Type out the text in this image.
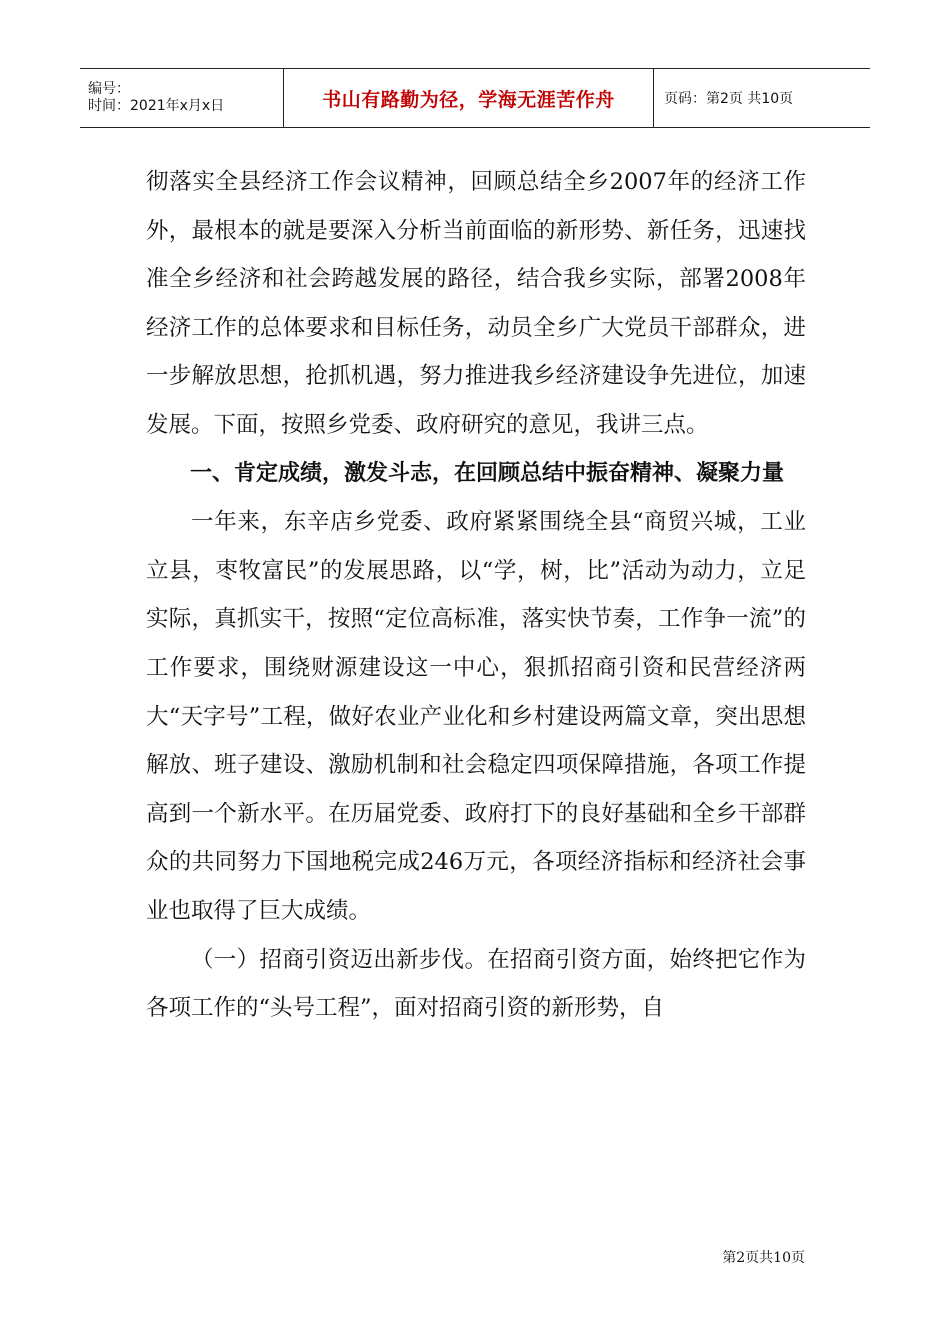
编号：
时间：2021年x月x日	书山有路勤为径，学海无涯苦作舟	页码：第2页 共10页

彻落实全县经济工作会议精神，回顾总结全乡2007年的经济工作外，最根本的就是要深入分析当前面临的新形势、新任务，迅速找准全乡经济和社会跨越发展的路径，结合我乡实际，部署2008年经济工作的总体要求和目标任务，动员全乡广大党员干部群众，进一步解放思想，抢抓机遇，努力推进我乡经济建设争先进位，加速发展。下面，按照乡党委、政府研究的意见，我讲三点。

一、肯定成绩，激发斗志，在回顾总结中振奋精神、凝聚力量

一年来，东辛店乡党委、政府紧紧围绕全县“商贸兴城，工业立县，枣牧富民”的发展思路，以“学，树，比”活动为动力，立足实际，真抓实干，按照“定位高标准，落实快节奏，工作争一流”的工作要求，围绕财源建设这一中心，狠抓招商引资和民营经济两大“天字号”工程，做好农业产业化和乡村建设两篇文章，突出思想解放、班子建设、激励机制和社会稳定四项保障措施，各项工作提高到一个新水平。在历届党委、政府打下的良好基础和全乡干部群众的共同努力下国地税完成246万元，各项经济指标和经济社会事业也取得了巨大成绩。

（一）招商引资迈出新步伐。在招商引资方面，始终把它作为各项工作的“头号工程”，面对招商引资的新形势，自

第2页共10页
